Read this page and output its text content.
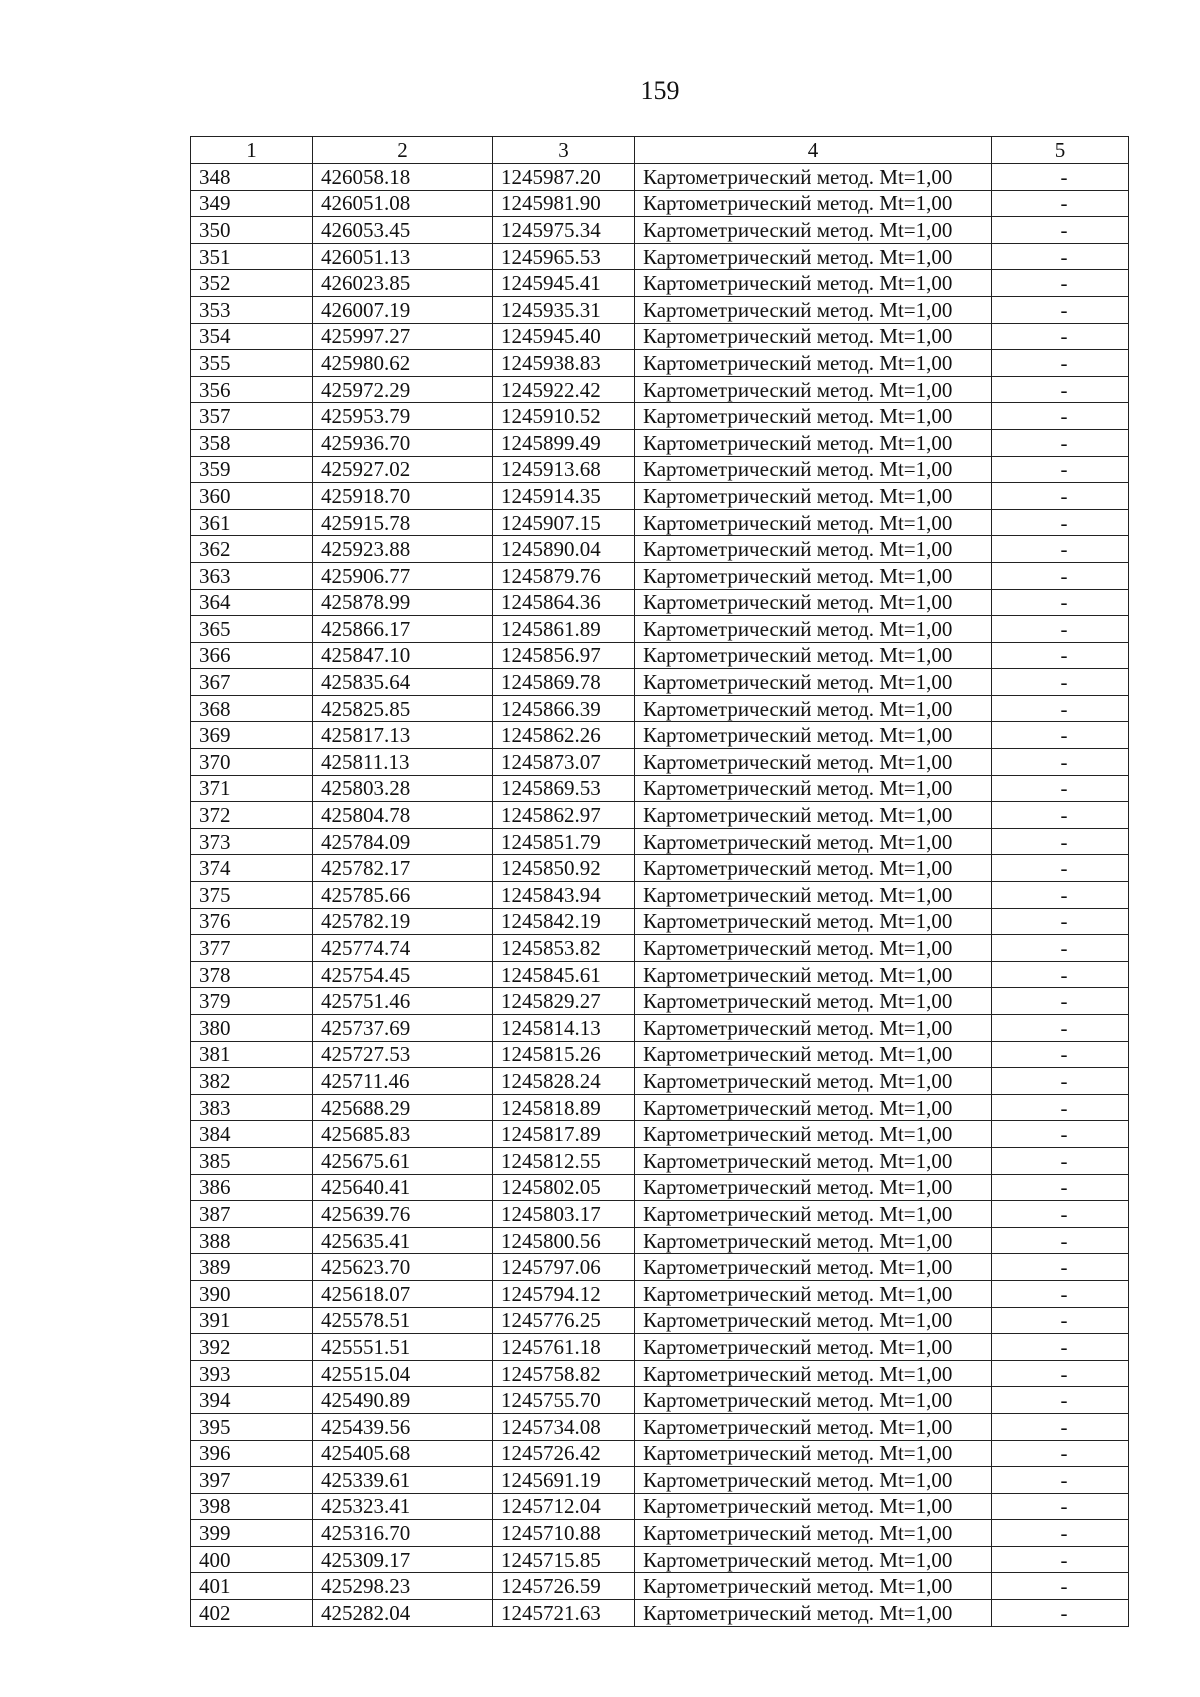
159
1	2	3	4	5
348	426058.18	1245987.20	Картометрический метод. Mt=1,00	-
349	426051.08	1245981.90	Картометрический метод. Mt=1,00	-
350	426053.45	1245975.34	Картометрический метод. Mt=1,00	-
351	426051.13	1245965.53	Картометрический метод. Mt=1,00	-
352	426023.85	1245945.41	Картометрический метод. Mt=1,00	-
353	426007.19	1245935.31	Картометрический метод. Mt=1,00	-
354	425997.27	1245945.40	Картометрический метод. Mt=1,00	-
355	425980.62	1245938.83	Картометрический метод. Mt=1,00	-
356	425972.29	1245922.42	Картометрический метод. Mt=1,00	-
357	425953.79	1245910.52	Картометрический метод. Mt=1,00	-
358	425936.70	1245899.49	Картометрический метод. Mt=1,00	-
359	425927.02	1245913.68	Картометрический метод. Mt=1,00	-
360	425918.70	1245914.35	Картометрический метод. Mt=1,00	-
361	425915.78	1245907.15	Картометрический метод. Mt=1,00	-
362	425923.88	1245890.04	Картометрический метод. Mt=1,00	-
363	425906.77	1245879.76	Картометрический метод. Mt=1,00	-
364	425878.99	1245864.36	Картометрический метод. Mt=1,00	-
365	425866.17	1245861.89	Картометрический метод. Mt=1,00	-
366	425847.10	1245856.97	Картометрический метод. Mt=1,00	-
367	425835.64	1245869.78	Картометрический метод. Mt=1,00	-
368	425825.85	1245866.39	Картометрический метод. Mt=1,00	-
369	425817.13	1245862.26	Картометрический метод. Mt=1,00	-
370	425811.13	1245873.07	Картометрический метод. Mt=1,00	-
371	425803.28	1245869.53	Картометрический метод. Mt=1,00	-
372	425804.78	1245862.97	Картометрический метод. Mt=1,00	-
373	425784.09	1245851.79	Картометрический метод. Mt=1,00	-
374	425782.17	1245850.92	Картометрический метод. Mt=1,00	-
375	425785.66	1245843.94	Картометрический метод. Mt=1,00	-
376	425782.19	1245842.19	Картометрический метод. Mt=1,00	-
377	425774.74	1245853.82	Картометрический метод. Mt=1,00	-
378	425754.45	1245845.61	Картометрический метод. Mt=1,00	-
379	425751.46	1245829.27	Картометрический метод. Mt=1,00	-
380	425737.69	1245814.13	Картометрический метод. Mt=1,00	-
381	425727.53	1245815.26	Картометрический метод. Mt=1,00	-
382	425711.46	1245828.24	Картометрический метод. Mt=1,00	-
383	425688.29	1245818.89	Картометрический метод. Mt=1,00	-
384	425685.83	1245817.89	Картометрический метод. Mt=1,00	-
385	425675.61	1245812.55	Картометрический метод. Mt=1,00	-
386	425640.41	1245802.05	Картометрический метод. Mt=1,00	-
387	425639.76	1245803.17	Картометрический метод. Mt=1,00	-
388	425635.41	1245800.56	Картометрический метод. Mt=1,00	-
389	425623.70	1245797.06	Картометрический метод. Mt=1,00	-
390	425618.07	1245794.12	Картометрический метод. Mt=1,00	-
391	425578.51	1245776.25	Картометрический метод. Mt=1,00	-
392	425551.51	1245761.18	Картометрический метод. Mt=1,00	-
393	425515.04	1245758.82	Картометрический метод. Mt=1,00	-
394	425490.89	1245755.70	Картометрический метод. Mt=1,00	-
395	425439.56	1245734.08	Картометрический метод. Mt=1,00	-
396	425405.68	1245726.42	Картометрический метод. Mt=1,00	-
397	425339.61	1245691.19	Картометрический метод. Mt=1,00	-
398	425323.41	1245712.04	Картометрический метод. Mt=1,00	-
399	425316.70	1245710.88	Картометрический метод. Mt=1,00	-
400	425309.17	1245715.85	Картометрический метод. Mt=1,00	-
401	425298.23	1245726.59	Картометрический метод. Mt=1,00	-
402	425282.04	1245721.63	Картометрический метод. Mt=1,00	-
